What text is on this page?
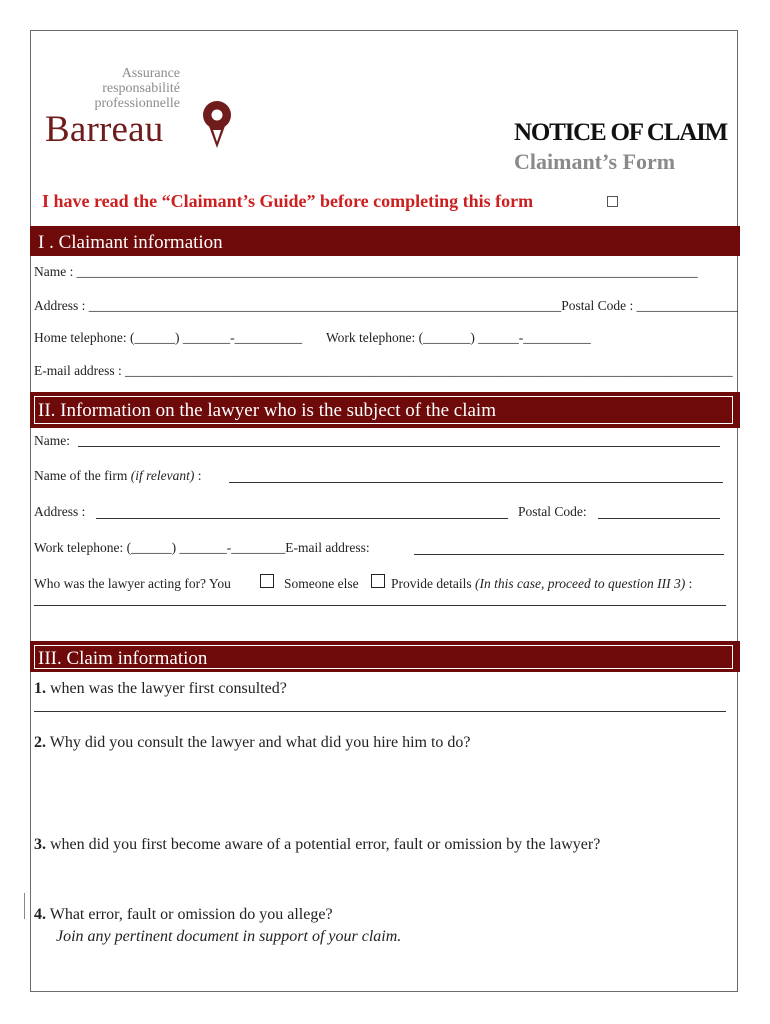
Assurance
responsabilité
professionnelle
Barreau	NOTICE OF CLAIM
Claimant’s Form
I have read the “Claimant’s Guide” before completing this form
I . Claimant information
Name : ____________________________________________________________________________________________
Address : ______________________________________________________________________Postal Code : _______________
Home telephone: (______) _______-__________ Work telephone: (_______) ______-__________
E-mail address : __________________________________________________________________________________________
II. Information on the lawyer who is the subject of the claim
Name:
Name of the firm (if relevant) :
Address :	Postal Code:
Work telephone: (______) _______-________E-mail address:
Who was the lawyer acting for? You	Someone else Provide details (In this case, proceed to question III 3) :
III. Claim information
1. when was the lawyer first consulted?
2. Why did you consult the lawyer and what did you hire him to do?
3. when did you first become aware of a potential error, fault or omission by the lawyer?
4. What error, fault or omission do you allege?
Join any pertinent document in support of your claim.
